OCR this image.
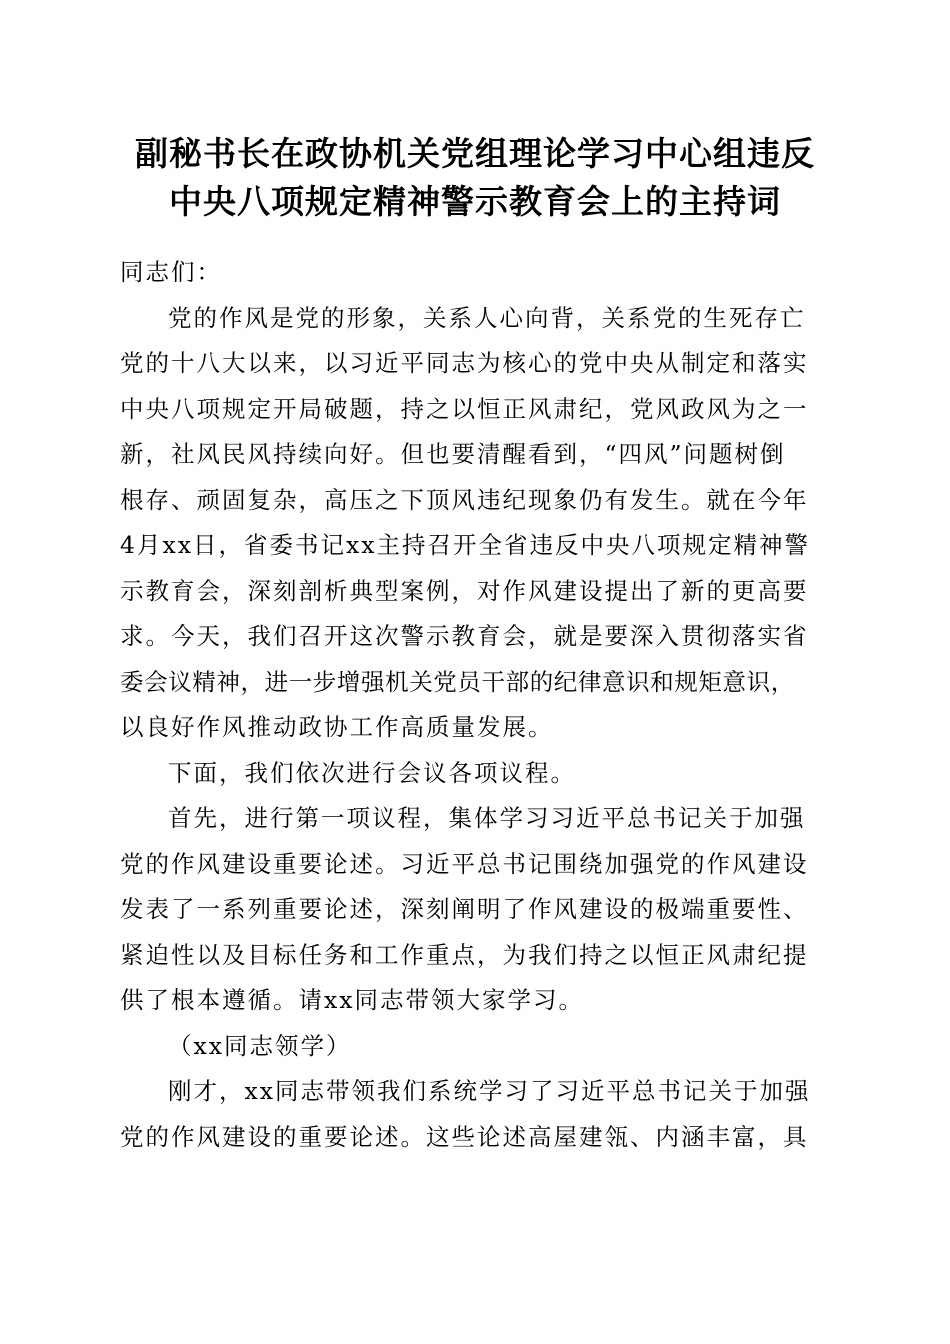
副秘书长在政协机关党组理论学习中心组违反
中央八项规定精神警示教育会上的主持词

同志们：

党的作风是党的形象，关系人心向背，关系党的生死存亡
党的十八大以来，以习近平同志为核心的党中央从制定和落实
中央八项规定开局破题，持之以恒正风肃纪，党风政风为之一
新，社风民风持续向好。但也要清醒看到，“四风”问题树倒
根存、顽固复杂，高压之下顶风违纪现象仍有发生。就在今年
4月xx日，省委书记xx主持召开全省违反中央八项规定精神警
示教育会，深刻剖析典型案例，对作风建设提出了新的更高要
求。今天，我们召开这次警示教育会，就是要深入贯彻落实省
委会议精神，进一步增强机关党员干部的纪律意识和规矩意识，
以良好作风推动政协工作高质量发展。

下面，我们依次进行会议各项议程。

首先，进行第一项议程，集体学习习近平总书记关于加强
党的作风建设重要论述。习近平总书记围绕加强党的作风建设
发表了一系列重要论述，深刻阐明了作风建设的极端重要性、
紧迫性以及目标任务和工作重点，为我们持之以恒正风肃纪提
供了根本遵循。请xx同志带领大家学习。

（xx同志领学）

刚才，xx同志带领我们系统学习了习近平总书记关于加强
党的作风建设的重要论述。这些论述高屋建瓴、内涵丰富，具
